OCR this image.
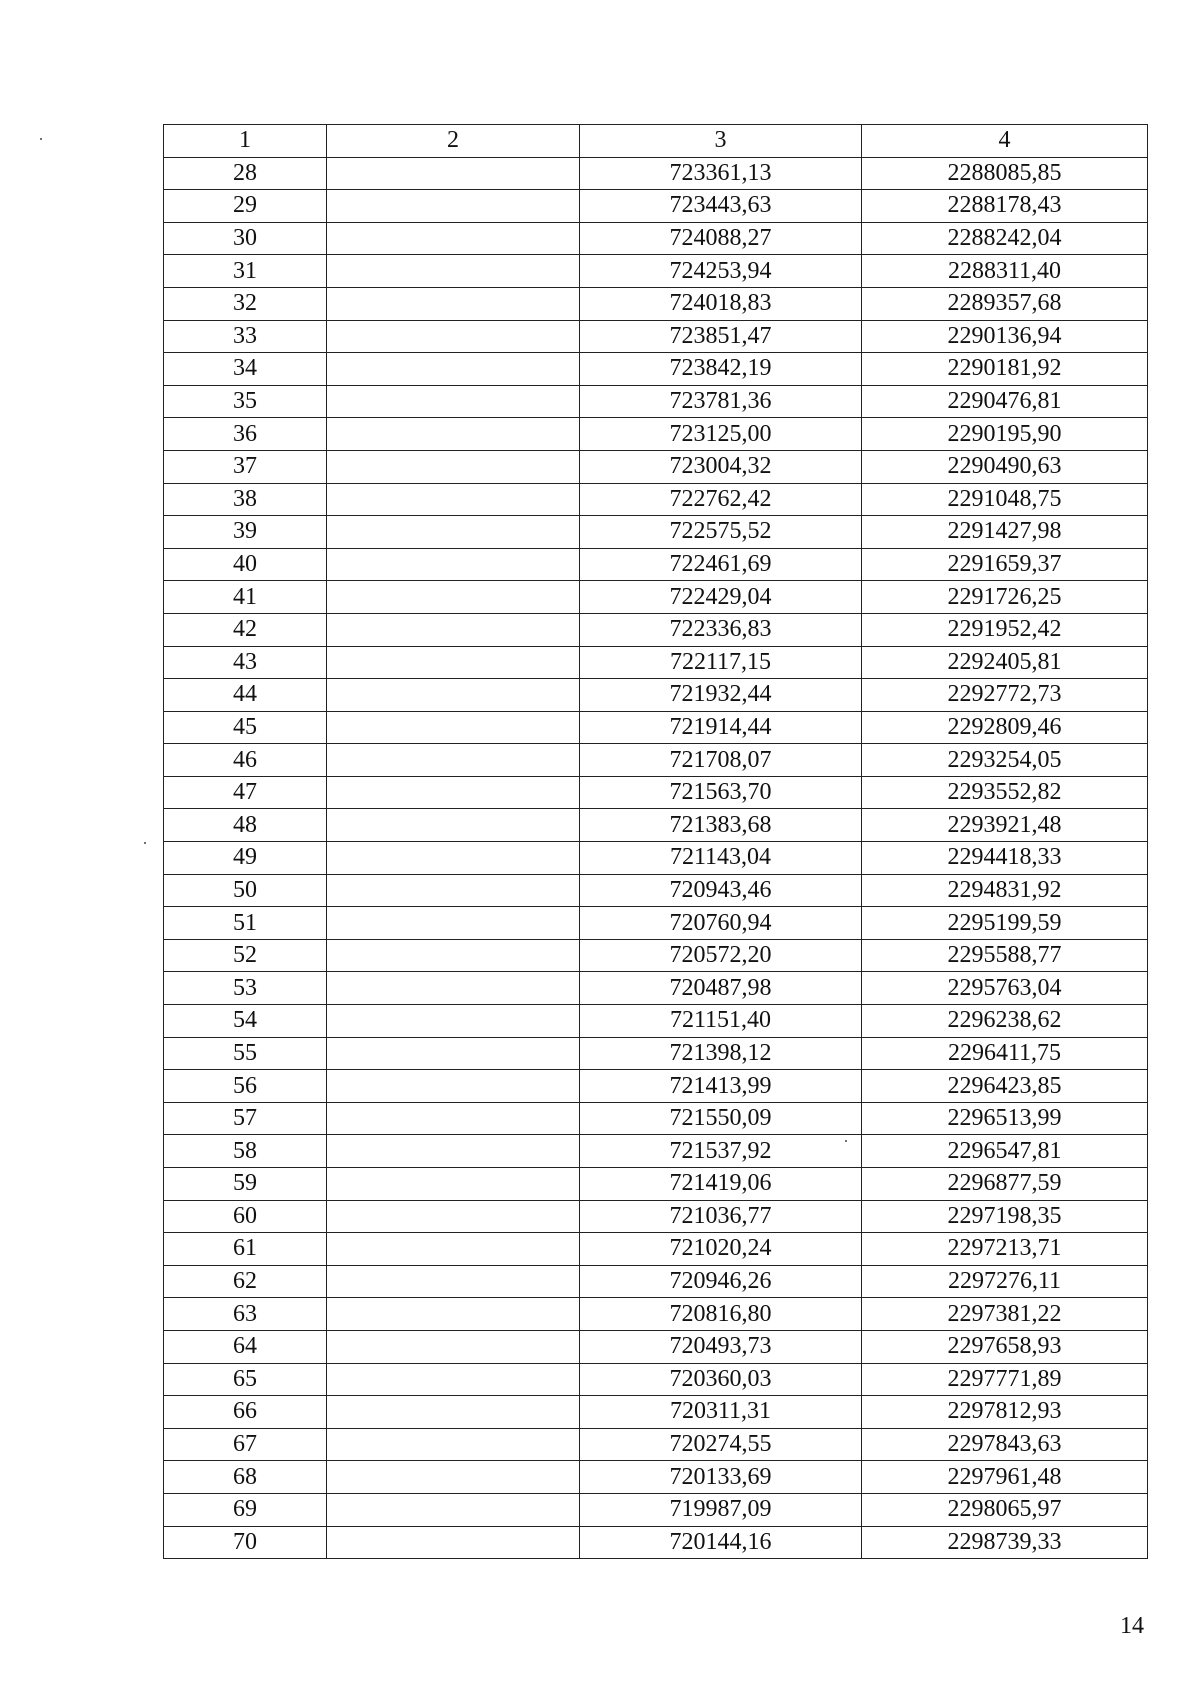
1	2	3	4
28		723361,13	2288085,85
29		723443,63	2288178,43
30		724088,27	2288242,04
31		724253,94	2288311,40
32		724018,83	2289357,68
33		723851,47	2290136,94
34		723842,19	2290181,92
35		723781,36	2290476,81
36		723125,00	2290195,90
37		723004,32	2290490,63
38		722762,42	2291048,75
39		722575,52	2291427,98
40		722461,69	2291659,37
41		722429,04	2291726,25
42		722336,83	2291952,42
43		722117,15	2292405,81
44		721932,44	2292772,73
45		721914,44	2292809,46
46		721708,07	2293254,05
47		721563,70	2293552,82
48		721383,68	2293921,48
49		721143,04	2294418,33
50		720943,46	2294831,92
51		720760,94	2295199,59
52		720572,20	2295588,77
53		720487,98	2295763,04
54		721151,40	2296238,62
55		721398,12	2296411,75
56		721413,99	2296423,85
57		721550,09	2296513,99
58		721537,92	2296547,81
59		721419,06	2296877,59
60		721036,77	2297198,35
61		721020,24	2297213,71
62		720946,26	2297276,11
63		720816,80	2297381,22
64		720493,73	2297658,93
65		720360,03	2297771,89
66		720311,31	2297812,93
67		720274,55	2297843,63
68		720133,69	2297961,48
69		719987,09	2298065,97
70		720144,16	2298739,33
14
